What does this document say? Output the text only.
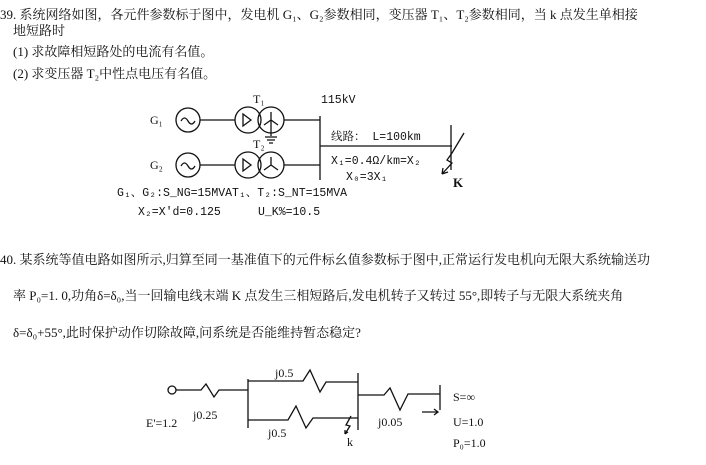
39. 系统网络如图，各元件参数标于图中，发电机 G₁、G₂参数相同，变压器 T₁、T₂参数相同，当 k 点发生单相接
地短路时
(1) 求故障相短路处的电流有名值。
(2) 求变压器 T₂中性点电压有名值。
G₁
G₂
T₁
T₂
115kV
线路： L=100km
X₁=0.4Ω/km=X₂
X₀=3X₁	K
G₁、G₂:S_NG=15MVA
X₂=X'd=0.125
T₁、T₂:S_NT=15MVA
U_K%=10.5
40. 某系统等值电路如图所示,归算至同一基准值下的元件标幺值参数标于图中,正常运行发电机向无限大系统输送功
率 P₀=1. 0,功角δ=δ₀,当一回输电线末端 K 点发生三相短路后,发电机转子又转过 55°,即转子与无限大系统夹角
δ=δ₀+55°,此时保护动作切除故障,问系统是否能维持暂态稳定?
E'=1.2
j0.25
j0.5
j0.5
j0.05
k
S=∞
U=1.0
P₀=1.0
